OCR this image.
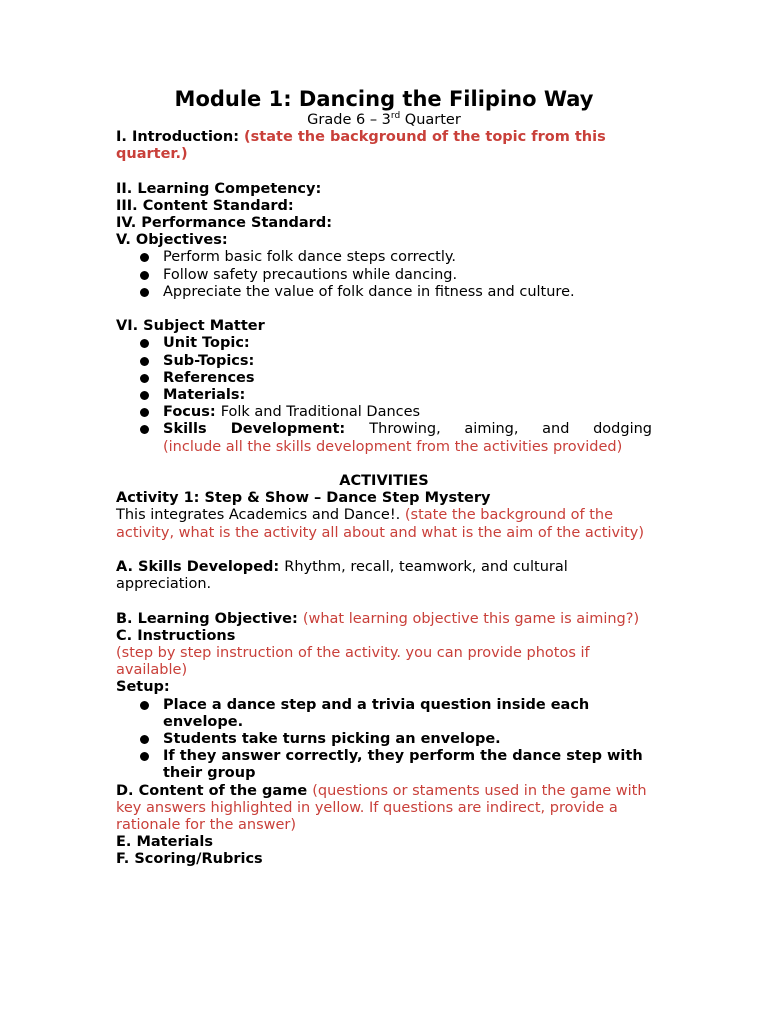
Module 1: Dancing the Filipino Way

Grade 6 – 3rd Quarter

I. Introduction: (state the background of the topic from this quarter.)

II. Learning Competency:

III. Content Standard:

IV. Performance Standard:

V. Objectives:

Perform basic folk dance steps correctly.
Follow safety precautions while dancing.
Appreciate the value of folk dance in fitness and culture.

VI. Subject Matter

Unit Topic:
Sub-Topics:
References
Materials:
Focus: Folk and Traditional Dances
Skills Development: Throwing, aiming, and dodging
(include all the skills development from the activities provided)

ACTIVITIES

Activity 1: Step & Show – Dance Step Mystery

This integrates Academics and Dance!. (state the background of the activity, what is the activity all about and what is the aim of the activity)

A. Skills Developed: Rhythm, recall, teamwork, and cultural appreciation.

B. Learning Objective: (what learning objective this game is aiming?)

C. Instructions

(step by step instruction of the activity. you can provide photos if available)

Setup:

Place a dance step and a trivia question inside each envelope.
Students take turns picking an envelope.
If they answer correctly, they perform the dance step with their group

D. Content of the game (questions or staments used in the game with key answers highlighted in yellow. If questions are indirect, provide a rationale for the answer)

E. Materials

F. Scoring/Rubrics
